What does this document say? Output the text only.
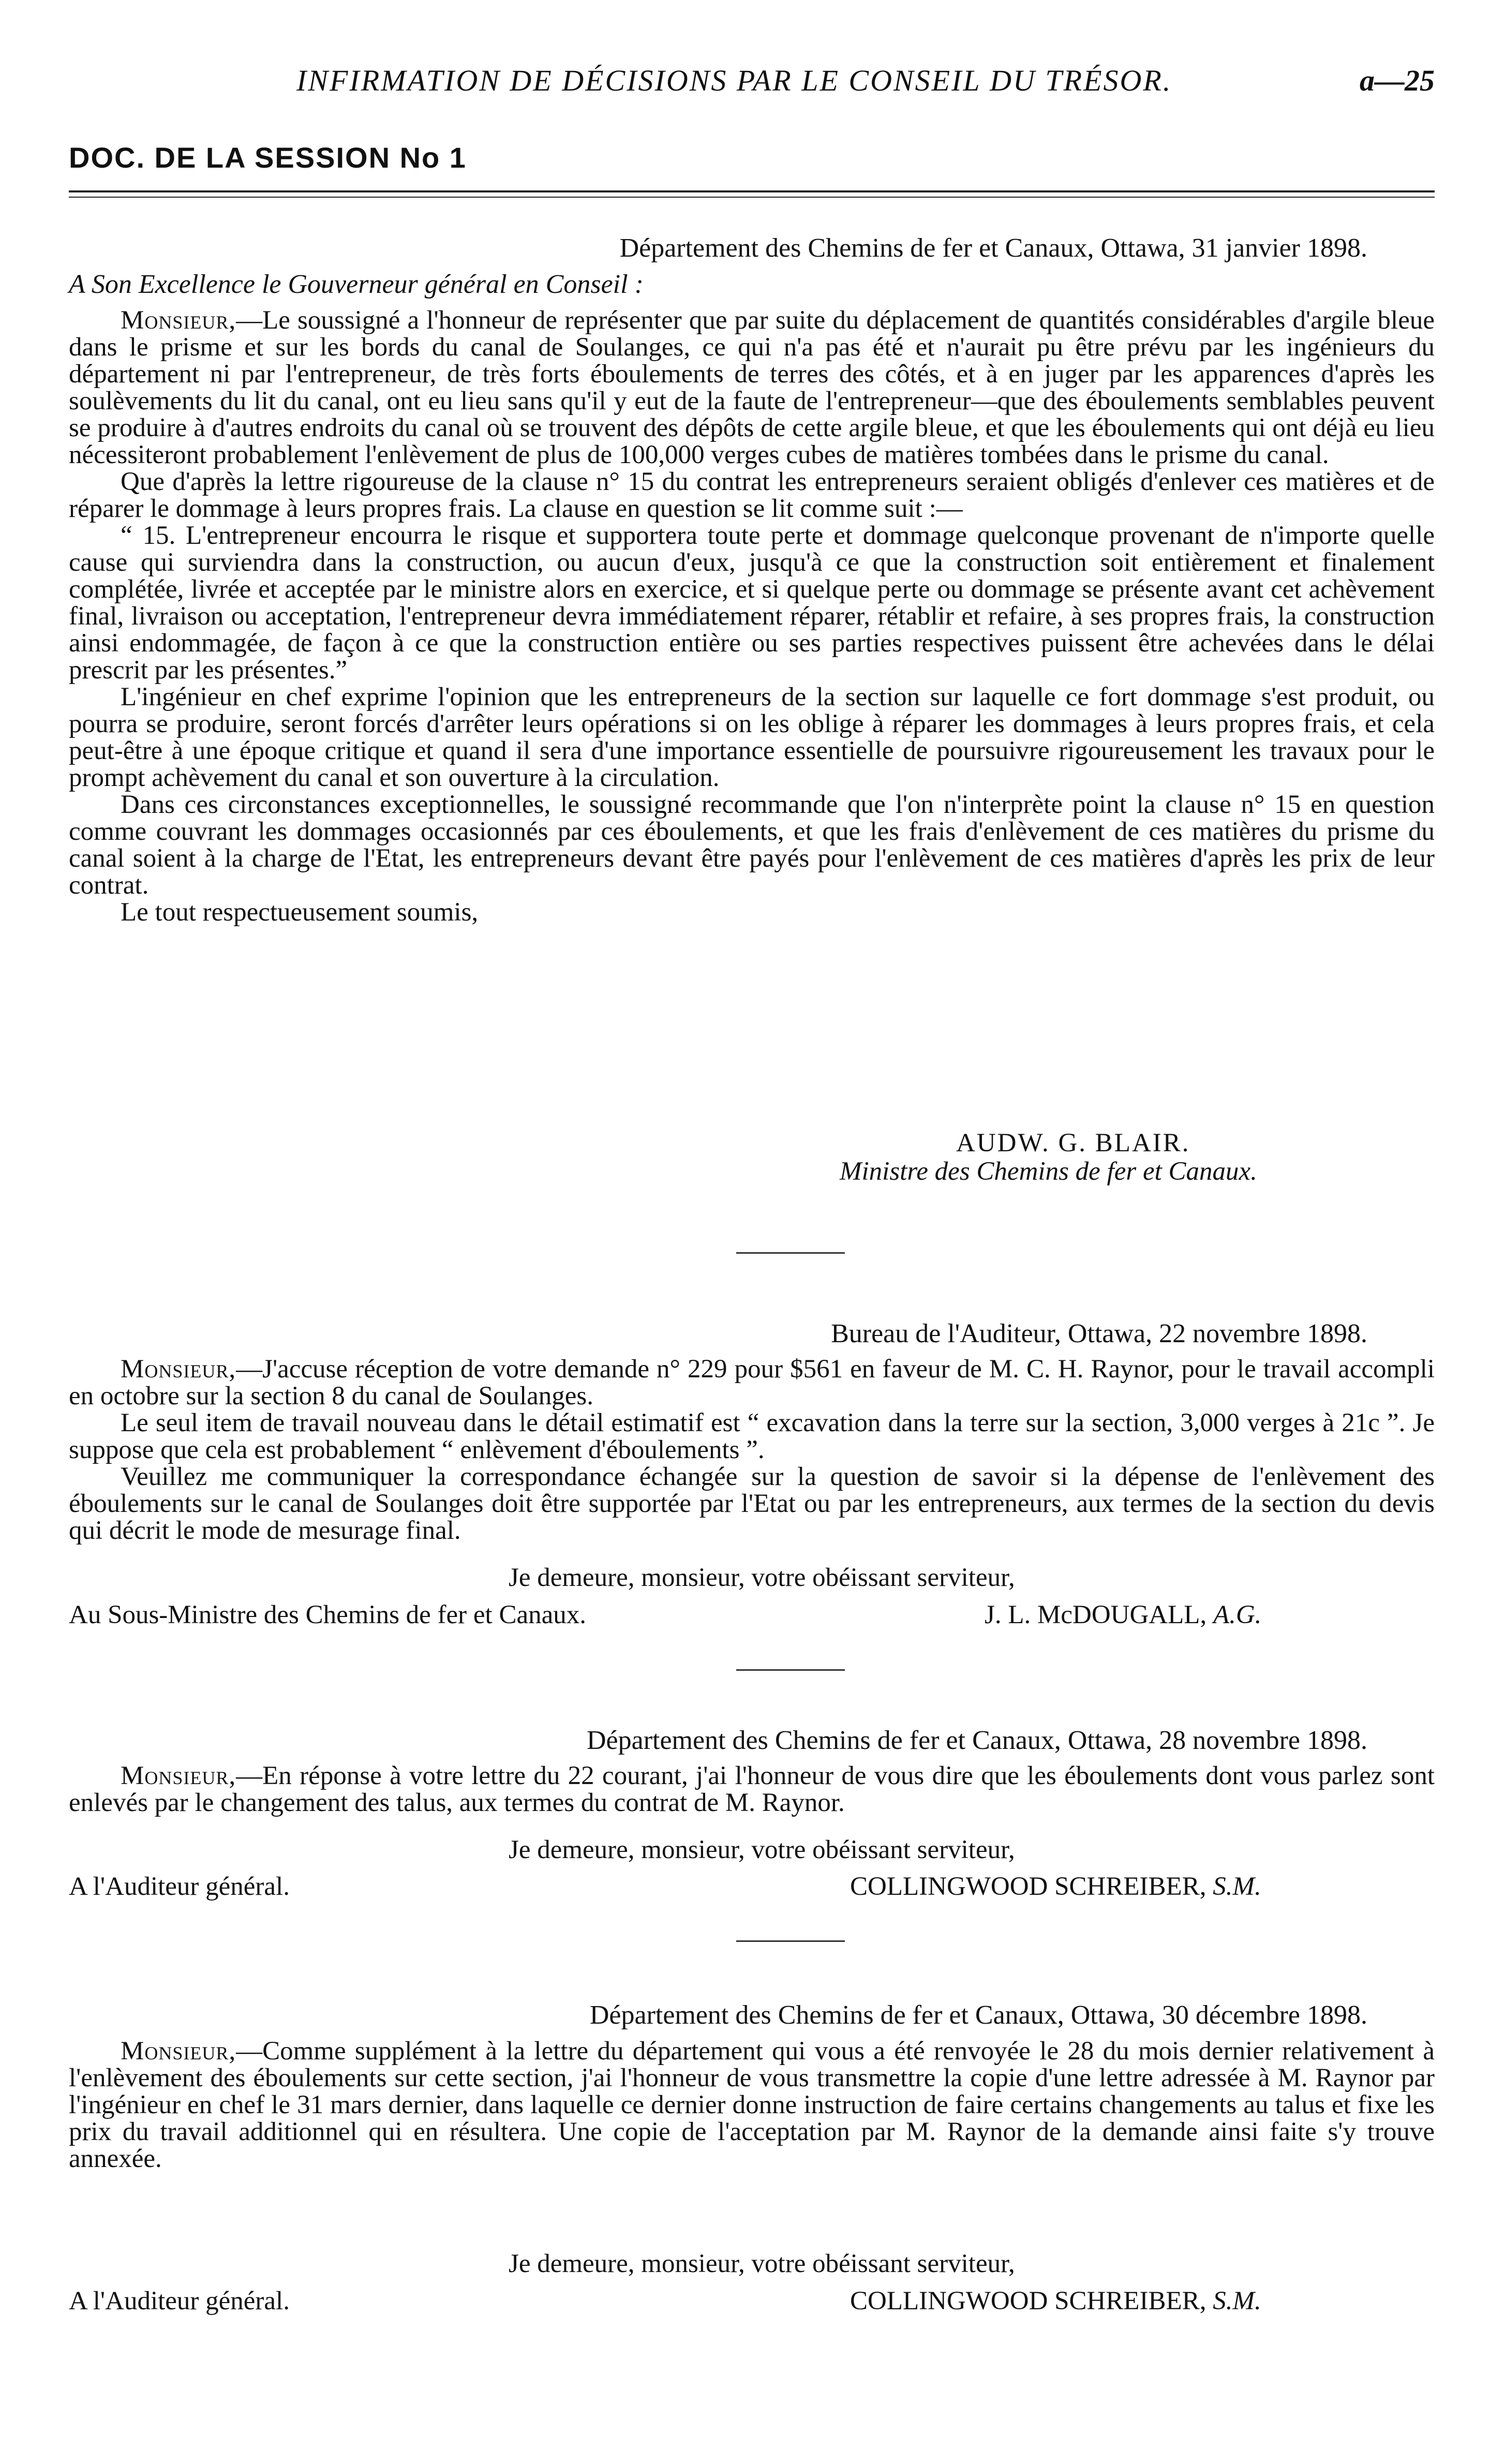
INFIRMATION DE DÉCISIONS PAR LE CONSEIL DU TRÉSOR.	a—25
DOC. DE LA SESSION No 1
Département des Chemins de fer et Canaux, Ottawa, 31 janvier 1898.
A Son Excellence le Gouverneur général en Conseil :

Monsieur,—Le soussigné a l'honneur de représenter que par suite du déplacement de quantités considérables d'argile bleue dans le prisme et sur les bords du canal de Soulanges, ce qui n'a pas été et n'aurait pu être prévu par les ingénieurs du département ni par l'entrepreneur, de très forts éboulements de terres des côtés, et à en juger par les apparences d'après les soulèvements du lit du canal, ont eu lieu sans qu'il y eut de la faute de l'entrepreneur—que des éboulements semblables peuvent se produire à d'autres endroits du canal où se trouvent des dépôts de cette argile bleue, et que les éboulements qui ont déjà eu lieu nécessiteront probablement l'enlèvement de plus de 100,000 verges cubes de matières tombées dans le prisme du canal.

Que d'après la lettre rigoureuse de la clause n° 15 du contrat les entrepreneurs seraient obligés d'enlever ces matières et de réparer le dommage à leurs propres frais. La clause en question se lit comme suit :—

“ 15. L'entrepreneur encourra le risque et supportera toute perte et dommage quelconque provenant de n'importe quelle cause qui surviendra dans la construction, ou aucun d'eux, jusqu'à ce que la construction soit entièrement et finalement complétée, livrée et acceptée par le ministre alors en exercice, et si quelque perte ou dommage se présente avant cet achèvement final, livraison ou acceptation, l'entrepreneur devra immédiatement réparer, rétablir et refaire, à ses propres frais, la construction ainsi endommagée, de façon à ce que la construction entière ou ses parties respectives puissent être achevées dans le délai prescrit par les présentes.”

L'ingénieur en chef exprime l'opinion que les entrepreneurs de la section sur laquelle ce fort dommage s'est produit, ou pourra se produire, seront forcés d'arrêter leurs opérations si on les oblige à réparer les dommages à leurs propres frais, et cela peut-être à une époque critique et quand il sera d'une importance essentielle de poursuivre rigoureusement les travaux pour le prompt achèvement du canal et son ouverture à la circulation.

Dans ces circonstances exceptionnelles, le soussigné recommande que l'on n'interprète point la clause n° 15 en question comme couvrant les dommages occasionnés par ces éboulements, et que les frais d'enlèvement de ces matières du prisme du canal soient à la charge de l'Etat, les entrepreneurs devant être payés pour l'enlèvement de ces matières d'après les prix de leur contrat.

Le tout respectueusement soumis,

AUDW. G. BLAIR.
Ministre des Chemins de fer et Canaux.
Bureau de l'Auditeur, Ottawa, 22 novembre 1898.

Monsieur,—J'accuse réception de votre demande n° 229 pour $561 en faveur de M. C. H. Raynor, pour le travail accompli en octobre sur la section 8 du canal de Soulanges.

Le seul item de travail nouveau dans le détail estimatif est “ excavation dans la terre sur la section, 3,000 verges à 21c ”. Je suppose que cela est probablement “ enlèvement d'éboulements ”.

Veuillez me communiquer la correspondance échangée sur la question de savoir si la dépense de l'enlèvement des éboulements sur le canal de Soulanges doit être supportée par l'Etat ou par les entrepreneurs, aux termes de la section du devis qui décrit le mode de mesurage final.

Je demeure, monsieur, votre obéissant serviteur,
Au Sous-Ministre des Chemins de fer et Canaux.	J. L. McDOUGALL, A.G.
Département des Chemins de fer et Canaux, Ottawa, 28 novembre 1898.

Monsieur,—En réponse à votre lettre du 22 courant, j'ai l'honneur de vous dire que les éboulements dont vous parlez sont enlevés par le changement des talus, aux termes du contrat de M. Raynor.

Je demeure, monsieur, votre obéissant serviteur,
A l'Auditeur général.	COLLINGWOOD SCHREIBER, S.M.
Département des Chemins de fer et Canaux, Ottawa, 30 décembre 1898.

Monsieur,—Comme supplément à la lettre du département qui vous a été renvoyée le 28 du mois dernier relativement à l'enlèvement des éboulements sur cette section, j'ai l'honneur de vous transmettre la copie d'une lettre adressée à M. Raynor par l'ingénieur en chef le 31 mars dernier, dans laquelle ce dernier donne instruction de faire certains changements au talus et fixe les prix du travail additionnel qui en résultera. Une copie de l'acceptation par M. Raynor de la demande ainsi faite s'y trouve annexée.

Je demeure, monsieur, votre obéissant serviteur,
A l'Auditeur général.	COLLINGWOOD SCHREIBER, S.M.
